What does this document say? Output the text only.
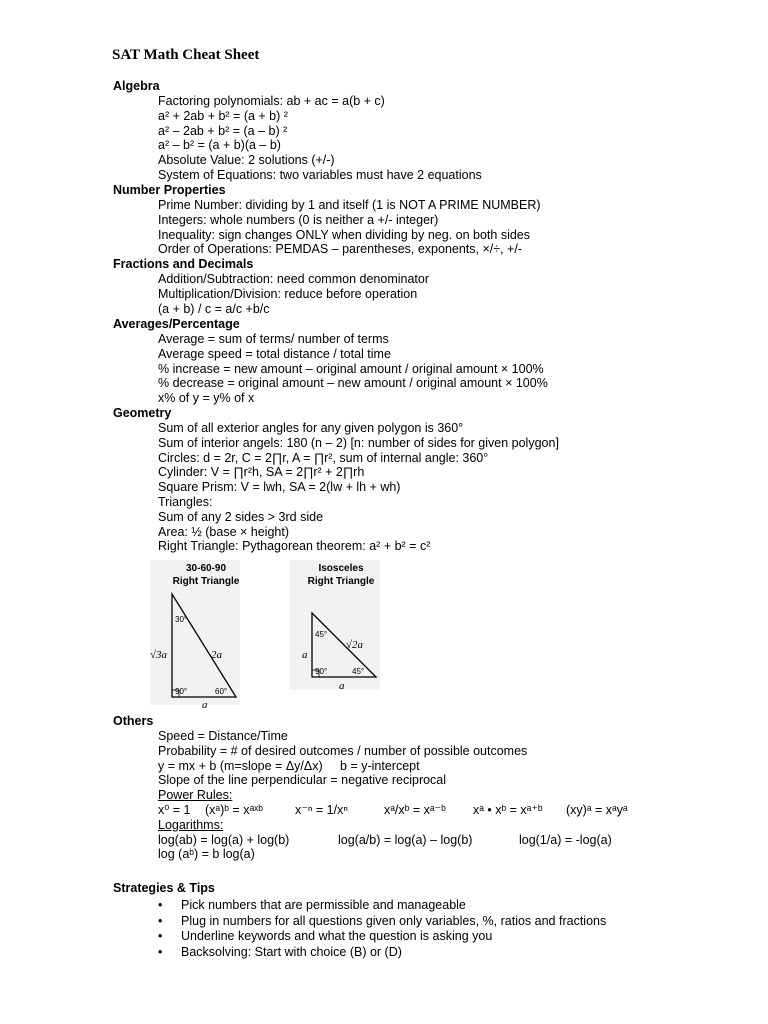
SAT Math Cheat Sheet
Algebra
Factoring polynomials: ab + ac = a(b + c)
a² + 2ab + b² = (a + b) ²
a² – 2ab + b² = (a – b) ²
a² – b² = (a + b)(a – b)
Absolute Value: 2 solutions (+/-)
System of Equations: two variables must have 2 equations
Number Properties
Prime Number: dividing by 1 and itself (1 is NOT A PRIME NUMBER)
Integers: whole numbers (0 is neither a +/- integer)
Inequality: sign changes ONLY when dividing by neg. on both sides
Order of Operations: PEMDAS – parentheses, exponents, ×/÷, +/-
Fractions and Decimals
Addition/Subtraction: need common denominator
Multiplication/Division: reduce before operation
(a + b) / c = a/c +b/c
Averages/Percentage
Average = sum of terms/ number of terms
Average speed = total distance / total time
% increase = new amount – original amount / original amount × 100%
% decrease = original amount – new amount / original amount × 100%
x% of y = y% of x
Geometry
Sum of all exterior angles for any given polygon is 360°
Sum of interior angels: 180 (n – 2) [n: number of sides for given polygon]
Circles: d = 2r, C = 2∏r, A = ∏r², sum of internal angle: 360°
Cylinder: V = ∏r²h, SA = 2∏r² + 2∏rh
Square Prism: V = lwh, SA = 2(lw + lh + wh)
Triangles:
Sum of any 2 sides > 3rd side
Area: ½ (base × height)
Right Triangle: Pythagorean theorem: a² + b² = c²
30-60-90
Right Triangle
Isosceles
Right Triangle
30°
90°	60°
√3a	2a
a
45°
90°	45°
√2a
a
a
Others
Speed = Distance/Time
Probability = # of desired outcomes / number of possible outcomes
y = mx + b (m=slope = Δy/Δx)     b = y-intercept
Slope of the line perpendicular = negative reciprocal
Power Rules:
x⁰ = 1	(xᵃ)ᵇ = xᵃˣᵇ	x⁻ⁿ = 1/xⁿ	xᵃ/xᵇ = xᵃ⁻ᵇ	xᵃ • xᵇ = xᵃ⁺ᵇ	(xy)ᵃ = xᵃyᵃ
Logarithms:
log(ab) = log(a) + log(b)	log(a/b) = log(a) – log(b)	log(1/a) = -log(a)
log (aᵇ) = b log(a)
Strategies & Tips
•	Pick numbers that are permissible and manageable
•	Plug in numbers for all questions given only variables, %, ratios and fractions
•	Underline keywords and what the question is asking you
•	Backsolving: Start with choice (B) or (D)
